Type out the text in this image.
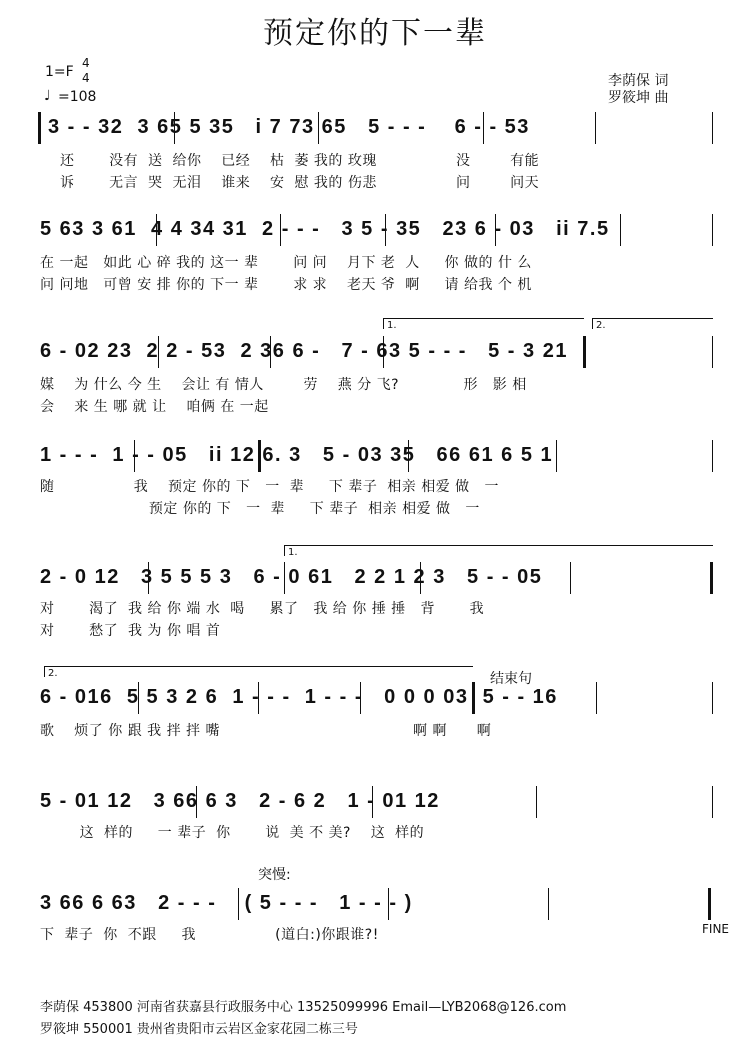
预定你的下一辈
1=F
4
4
♩ =108
李荫保 词
罗筱坤 曲
3 - - 32  3 65 5 35   i 7 73 65   5 - - -    6 - - 53
还       没有  送  给你    已经    枯  萎 我的 玫瑰                没        有能
诉       无言  哭  无泪    谁来    安  慰 我的 伤悲                问        问天
5 63 3 61  4 4 34 31  2 - - -   3 5 - 35   23 6 - 03   ii 7.5
在 一起   如此 心 碎 我的 这一 辈       问 问    月下 老  人     你 做的 什 么
问 问地   可曾 安 排 你的 下一 辈       求 求    老天 爷  啊     请 给我 个 机
1.	2.
6 - 02 23  2 2 - 53  2 36 6 -   7 - 63 5 - - -   5 - 3 21
媒    为 什么 今 生    会让 有 情人        劳    燕 分 飞?             形   影 相
会    来 生 哪 就 让    咱俩 在 一起
1 - - -  1 - - 05   ii 12 6. 3   5 - 03 35   66 61 6 5 1
随                我    预定 你的 下   一  辈     下 辈子  相亲 相爱 做   一
预定 你的 下   一  辈     下 辈子  相亲 相爱 做   一
1.
2 - 0 12   3 5 5 5 3   6 - 0 61   2 2 1 2 3   5 - - 05
对       渴了  我 给 你 端 水  喝     累了   我 给 你 捶 捶   背       我
对       愁了  我 为 你 唱 首
2.	结束句
6 - 016  5 5 3 2 6  1 - - -  1 - - -   0 0 0 03  5 - - 16
歌    烦了 你 跟 我 拌 拌 嘴                                       啊 啊      啊
5 - 01 12   3 66 6 3   2 - 6 2   1 - 01 12
这  样的     一 辈子  你       说  美 不 美?    这  样的
突慢:
3 66 6 63   2 - - -    ( 5 - - -   1 - - - )
下  辈子  你  不跟     我                (道白:)你跟谁?!	FINE
李荫保 453800 河南省获嘉县行政服务中心 13525099996 Email—LYB2068@126.com
罗筱坤 550001 贵州省贵阳市云岩区金家花园二栋三号
